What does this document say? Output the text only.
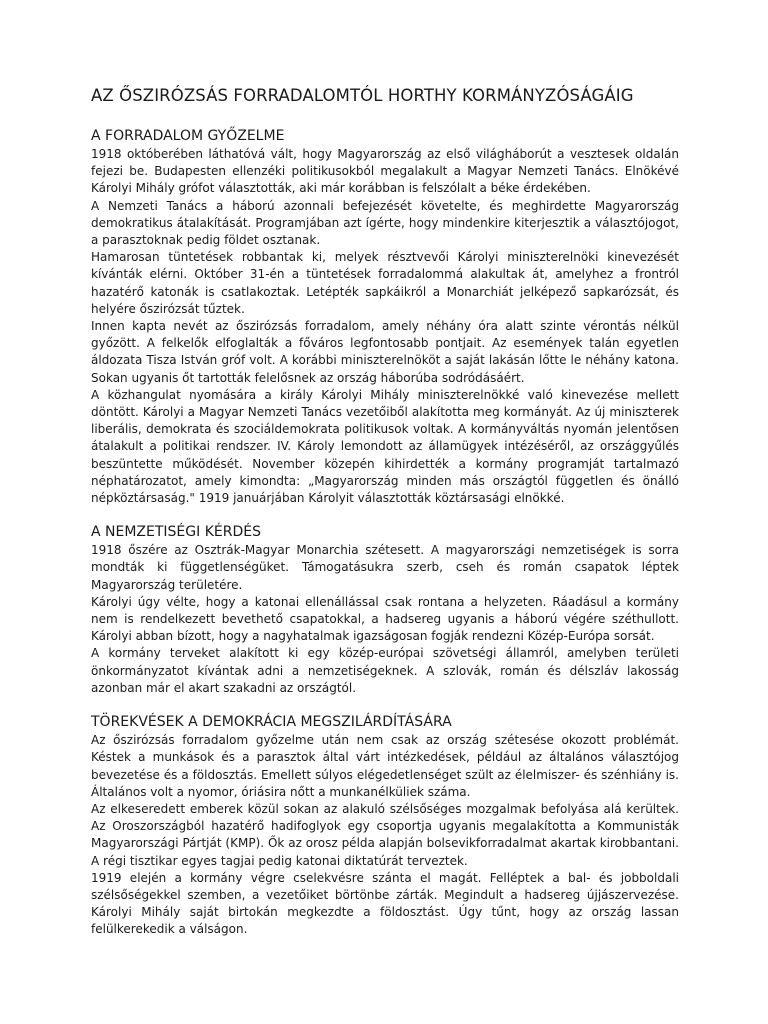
AZ ŐSZIRÓZSÁS FORRADALOMTÓL HORTHY KORMÁNYZÓSÁGÁIG
A FORRADALOM GYŐZELME

1918 októberében láthatóvá vált, hogy Magyarország az első világháborút a vesztesek oldalán fejezi be. Budapesten ellenzéki politikusokból megalakult a Magyar Nemzeti Tanács. Elnökévé Károlyi Mihály grófot választották, aki már korábban is felszólalt a béke érdekében.

A Nemzeti Tanács a háború azonnali befejezését követelte, és meghirdette Magyarország demokratikus átalakítását. Programjában azt ígérte, hogy mindenkire kiterjesztik a választójogot, a parasztoknak pedig földet osztanak.

Hamarosan tüntetések robbantak ki, melyek résztvevői Károlyi miniszterelnöki kinevezését kívánták elérni. Október 31-én a tüntetések forradalommá alakultak át, amelyhez a frontról hazatérő katonák is csatlakoztak. Letépték sapkáikról a Monarchiát jelképező sapkarózsát, és helyére őszirózsát tűztek.

Innen kapta nevét az őszirózsás forradalom, amely néhány óra alatt szinte vérontás nélkül győzött. A felkelők elfoglalták a főváros legfontosabb pontjait. Az események talán egyetlen áldozata Tisza István gróf volt. A korábbi miniszterelnököt a saját lakásán lőtte le néhány katona. Sokan ugyanis őt tartották felelősnek az ország háborúba sodródásáért.

A közhangulat nyomására a király Károlyi Mihály miniszterelnökké való kinevezése mellett döntött. Károlyi a Magyar Nemzeti Tanács vezetőiből alakította meg kormányát. Az új miniszterek liberális, demokrata és szociáldemokrata politikusok voltak. A kormányváltás nyomán jelentősen átalakult a politikai rendszer. IV. Károly lemondott az államügyek intézéséről, az országgyűlés beszüntette működését. November közepén kihirdették a kormány programját tartalmazó néphatározatot, amely kimondta: „Magyarország minden más országtól független és önálló népköztársaság." 1919 januárjában Károlyit választották köztársasági elnökké.

A NEMZETISÉGI KÉRDÉS

1918 őszére az Osztrák-Magyar Monarchia szétesett. A magyarországi nemzetiségek is sorra mondták ki függetlenségüket. Támogatásukra szerb, cseh és román csapatok léptek Magyarország területére.

Károlyi úgy vélte, hogy a katonai ellenállással csak rontana a helyzeten. Ráadásul a kormány nem is rendelkezett bevethető csapatokkal, a hadsereg ugyanis a háború végére széthullott. Károlyi abban bízott, hogy a nagyhatalmak igazságosan fogják rendezni Közép-Európa sorsát.

A kormány terveket alakított ki egy közép-európai szövetségi államról, amelyben területi önkormányzatot kívántak adni a nemzetiségeknek. A szlovák, román és délszláv lakosság azonban már el akart szakadni az országtól.

TÖREKVÉSEK A DEMOKRÁCIA MEGSZILÁRDÍTÁSÁRA

Az őszirózsás forradalom győzelme után nem csak az ország szétesése okozott problémát. Késtek a munkások és a parasztok által várt intézkedések, például az általános választójog bevezetése és a földosztás. Emellett súlyos elégedetlenséget szült az élelmiszer- és szénhiány is. Általános volt a nyomor, óriásira nőtt a munkanélküliek száma.

Az elkeseredett emberek közül sokan az alakuló szélsőséges mozgalmak befolyása alá kerültek. Az Oroszországból hazatérő hadifoglyok egy csoportja ugyanis megalakította a Kommunisták Magyarországi Pártját (KMP). Ők az orosz példa alapján bolsevikforradalmat akartak kirobbantani. A régi tisztikar egyes tagjai pedig katonai diktatúrát terveztek.

1919 elején a kormány végre cselekvésre szánta el magát. Felléptek a bal- és jobboldali szélsőségekkel szemben, a vezetőiket börtönbe zárták. Megindult a hadsereg újjászervezése. Károlyi Mihály saját birtokán megkezdte a földosztást. Úgy tűnt, hogy az ország lassan felülkerekedik a válságon.
